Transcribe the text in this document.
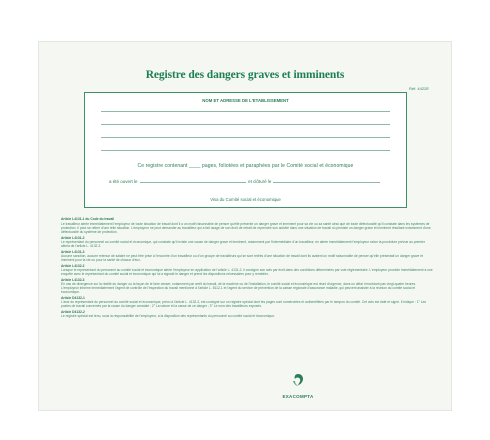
Registre des dangers graves et imminents
Réf. 4422E
NOM ET ADRESSE DE L'ETABLISSEMENT
Ce registre contenant ____ pages, foliotées et paraphées par le Comité social et économique
a été ouvert le	et clôturé le
Visa du Comité social et économique
Article L4131-1 du Code du travail
Le travailleur alerte immédiatement l'employeur de toute situation de travail dont il a un motif raisonnable de penser qu'elle présente un danger grave et imminent pour sa vie ou sa santé ainsi que de toute défectuosité qu'il constate dans les systèmes de protection. Il peut se retirer d'une telle situation. L'employeur ne peut demander au travailleur qui a fait usage de son droit de retrait de reprendre son activité dans une situation de travail où persiste un danger grave et imminent résultant notamment d'une défectuosité du système de protection.
Article L4131-2
Le représentant du personnel au comité social et économique, qui constate qu'il existe une cause de danger grave et imminent, notamment par l'intermédiaire d'un travailleur, en alerte immédiatement l'employeur selon la procédure prévue au premier alinéa de l'article L. 4132-2.
Article L4131-3
Aucune sanction, aucune retenue de salaire ne peut être prise à l'encontre d'un travailleur ou d'un groupe de travailleurs qui se sont retirés d'une situation de travail dont ils avaient un motif raisonnable de penser qu'elle présentait un danger grave et imminent pour la vie ou pour la santé de chacun d'eux.
Article L4132-2
Lorsque le représentant du personnel au comité social et économique alerte l'employeur en application de l'article L. 4131-2, il consigne son avis par écrit dans des conditions déterminées par voie réglementaire. L'employeur procède immédiatement à une enquête avec le représentant du comité social et économique qui lui a signalé le danger et prend les dispositions nécessaires pour y remédier.
Article L4132-3
En cas de divergence sur la réalité du danger ou la façon de le faire cesser, notamment par arrêt du travail, de la machine ou de l'installation, le comité social et économique est réuni d'urgence, dans un délai n'excédant pas vingt-quatre heures. L'employeur informe immédiatement l'agent de contrôle de l'inspection du travail mentionné à l'article L. 8112-1 et l'agent du service de prévention de la caisse régionale d'assurance maladie, qui peuvent assister à la réunion du comité social et économique.
Article D4132-1
L'avis du représentant du personnel au comité social et économique, prévu à l'article L. 4132-2, est consigné sur un registre spécial dont les pages sont numérotées et authentifiées par le tampon du comité. Cet avis est daté et signé. Il indique : 1° Les postes de travail concernés par la cause du danger constaté ; 2° La nature et la cause de ce danger ; 3° Le nom des travailleurs exposés.
Article D4132-2
Le registre spécial est tenu, sous la responsabilité de l'employeur, à la disposition des représentants du personnel au comité social et économique.
EXACOMPTA
